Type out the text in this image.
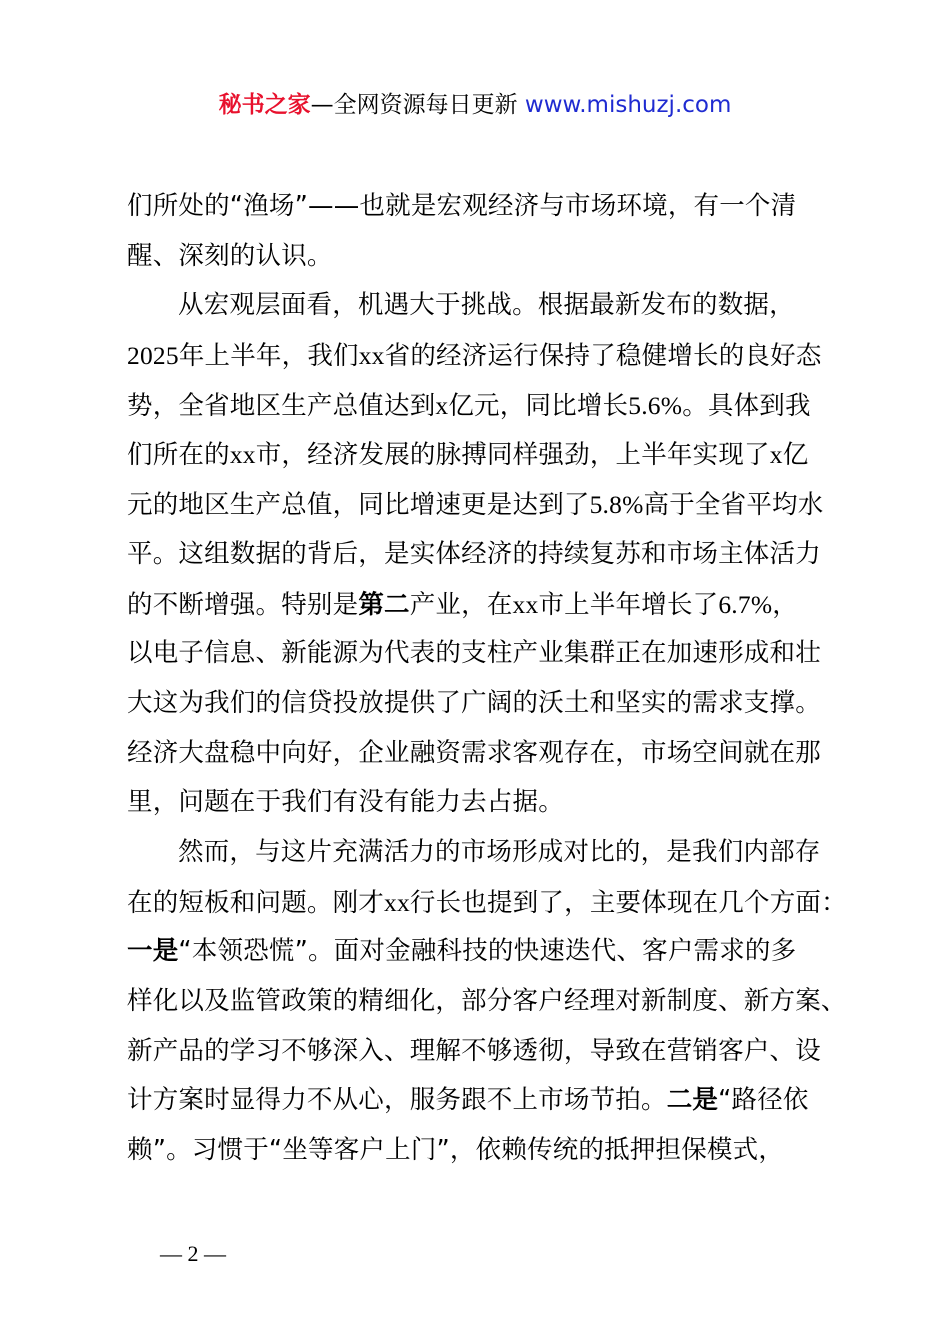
秘书之家—全网资源每日更新 www.mishuzj.com
们所处的“渔场”——也就是宏观经济与市场环境，有一个清
醒、深刻的认识。
从宏观层面看，机遇大于挑战。根据最新发布的数据，
2025年上半年，我们xx省的经济运行保持了稳健增长的良好态
势，全省地区生产总值达到x亿元，同比增长5.6%。具体到我
们所在的xx市，经济发展的脉搏同样强劲，上半年实现了x亿
元的地区生产总值，同比增速更是达到了5.8%高于全省平均水
平。这组数据的背后，是实体经济的持续复苏和市场主体活力
的不断增强。特别是第二产业，在xx市上半年增长了6.7%，
以电子信息、新能源为代表的支柱产业集群正在加速形成和壮
大这为我们的信贷投放提供了广阔的沃土和坚实的需求支撑。
经济大盘稳中向好，企业融资需求客观存在，市场空间就在那
里，问题在于我们有没有能力去占据。
然而，与这片充满活力的市场形成对比的，是我们内部存
在的短板和问题。刚才xx行长也提到了，主要体现在几个方面：
一是“本领恐慌”。面对金融科技的快速迭代、客户需求的多
样化以及监管政策的精细化，部分客户经理对新制度、新方案、
新产品的学习不够深入、理解不够透彻，导致在营销客户、设
计方案时显得力不从心，服务跟不上市场节拍。二是“路径依
赖”。习惯于“坐等客户上门”，依赖传统的抵押担保模式，
— 2 —
